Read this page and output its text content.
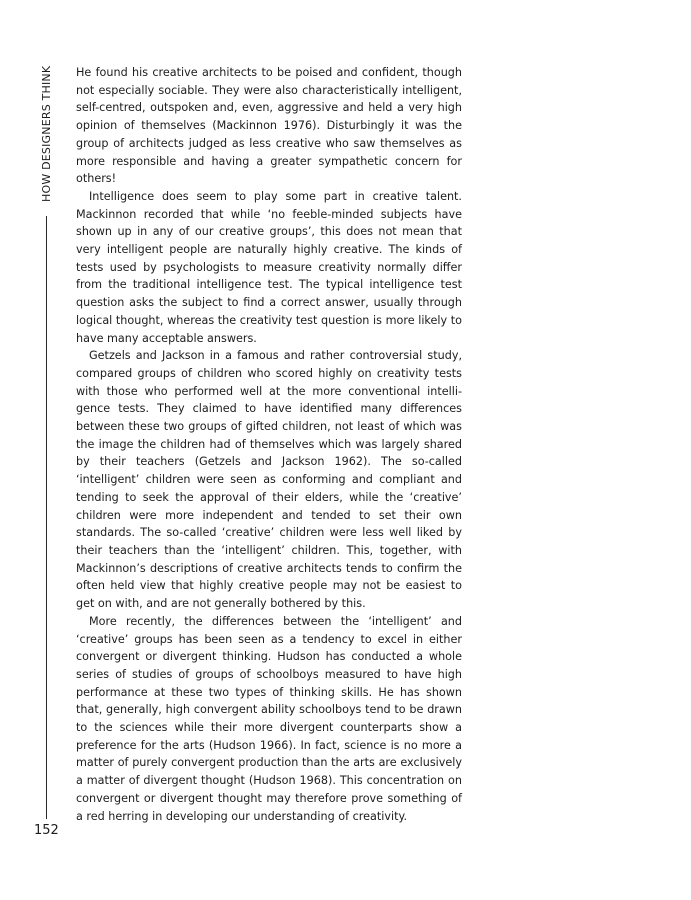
HOW DESIGNERS THINK
152

He found his creative architects to be poised and confident, though not especially sociable. They were also characteristically intelligent, self-centred, outspoken and, even, aggressive and held a very high opinion of themselves (Mackinnon 1976). Disturbingly it was the group of architects judged as less creative who saw themselves as more responsible and having a greater sympathetic concern for others!

Intelligence does seem to play some part in creative talent. Mackinnon recorded that while ‘no feeble-minded subjects have shown up in any of our creative groups’, this does not mean that very intelligent people are naturally highly creative. The kinds of tests used by psychologists to measure creativity normally differ from the traditional intelligence test. The typical intelligence test question asks the subject to find a correct answer, usually through logical thought, whereas the creativity test question is more likely to have many acceptable answers.

Getzels and Jackson in a famous and rather controversial study, compared groups of children who scored highly on creativity tests with those who performed well at the more conventional intelligence tests. They claimed to have identified many differences between these two groups of gifted children, not least of which was the image the children had of themselves which was largely shared by their teachers (Getzels and Jackson 1962). The so-called ‘intelligent’ children were seen as conforming and compliant and tending to seek the approval of their elders, while the ‘creative’ children were more independent and tended to set their own standards. The so-called ‘creative’ children were less well liked by their teachers than the ‘intelligent’ children. This, together, with Mackinnon’s descriptions of creative architects tends to confirm the often held view that highly creative people may not be easiest to get on with, and are not generally bothered by this.

More recently, the differences between the ‘intelligent’ and ‘creative’ groups has been seen as a tendency to excel in either convergent or divergent thinking. Hudson has conducted a whole series of studies of groups of schoolboys measured to have high performance at these two types of thinking skills. He has shown that, generally, high convergent ability schoolboys tend to be drawn to the sciences while their more divergent counterparts show a preference for the arts (Hudson 1966). In fact, science is no more a matter of purely convergent production than the arts are exclusively a matter of divergent thought (Hudson 1968). This concentration on convergent or divergent thought may therefore prove something of a red herring in developing our understanding of creativity.
